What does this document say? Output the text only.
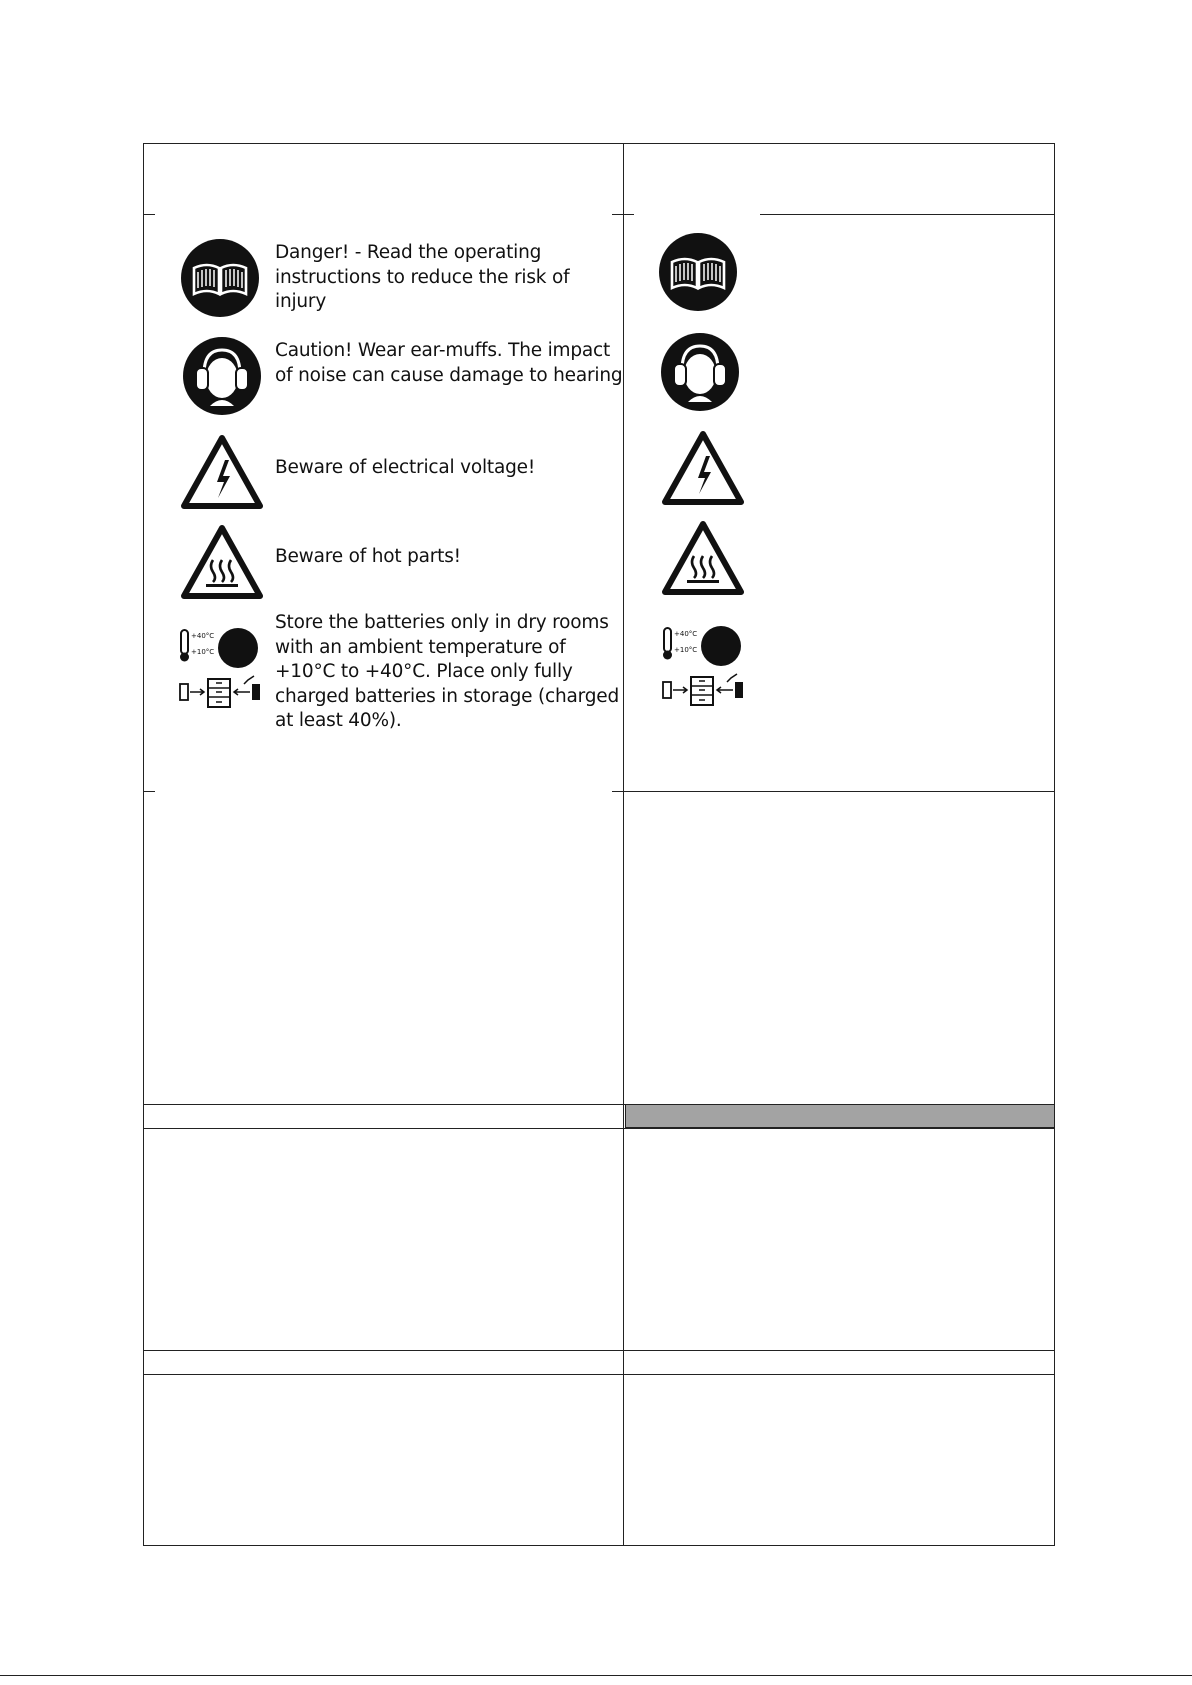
+40°C
+10°C
Danger! - Read the operating
instructions to reduce the risk of
injury
Caution! Wear ear-muffs. The impact
of noise can cause damage to hearing
Beware of electrical voltage!
Beware of hot parts!
Store the batteries only in dry rooms
with an ambient temperature of
+10°C to +40°C. Place only fully
charged batteries in storage (charged
at least 40%).
+40°C
+10°C
